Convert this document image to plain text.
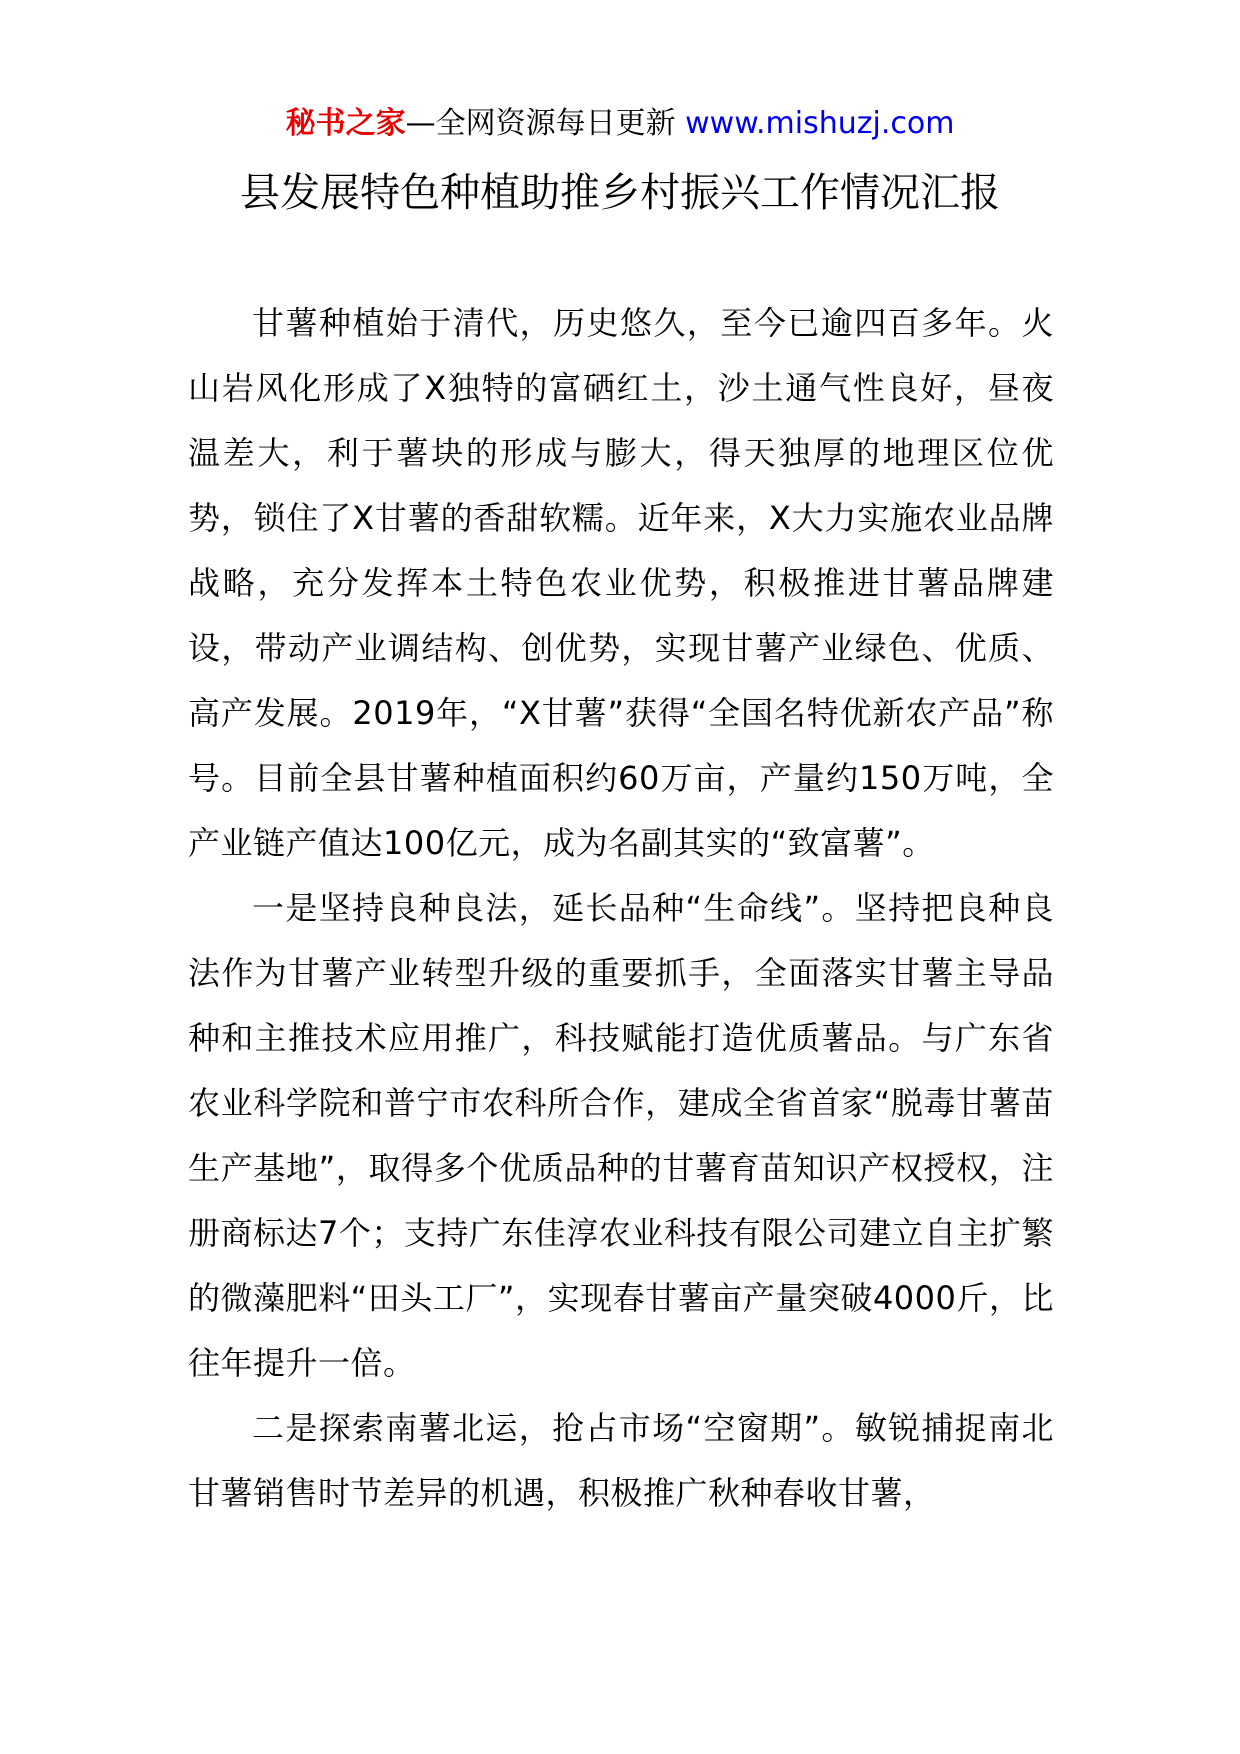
秘书之家—全网资源每日更新 www.mishuzj.com
县发展特色种植助推乡村振兴工作情况汇报

甘薯种植始于清代，历史悠久，至今已逾四百多年。火山岩风化形成了X独特的富硒红土，沙土通气性良好，昼夜温差大，利于薯块的形成与膨大，得天独厚的地理区位优势，锁住了X甘薯的香甜软糯。近年来，X大力实施农业品牌战略，充分发挥本土特色农业优势，积极推进甘薯品牌建设，带动产业调结构、创优势，实现甘薯产业绿色、优质、高产发展。2019年，“X甘薯”获得“全国名特优新农产品”称号。目前全县甘薯种植面积约60万亩，产量约150万吨，全产业链产值达100亿元，成为名副其实的“致富薯”。

一是坚持良种良法，延长品种“生命线”。坚持把良种良法作为甘薯产业转型升级的重要抓手，全面落实甘薯主导品种和主推技术应用推广，科技赋能打造优质薯品。与广东省农业科学院和普宁市农科所合作，建成全省首家“脱毒甘薯苗生产基地”，取得多个优质品种的甘薯育苗知识产权授权，注册商标达7个；支持广东佳淳农业科技有限公司建立自主扩繁的微藻肥料“田头工厂”，实现春甘薯亩产量突破4000斤，比往年提升一倍。

二是探索南薯北运，抢占市场“空窗期”。敏锐捕捉南北甘薯销售时节差异的机遇，积极推广秋种春收甘薯，
